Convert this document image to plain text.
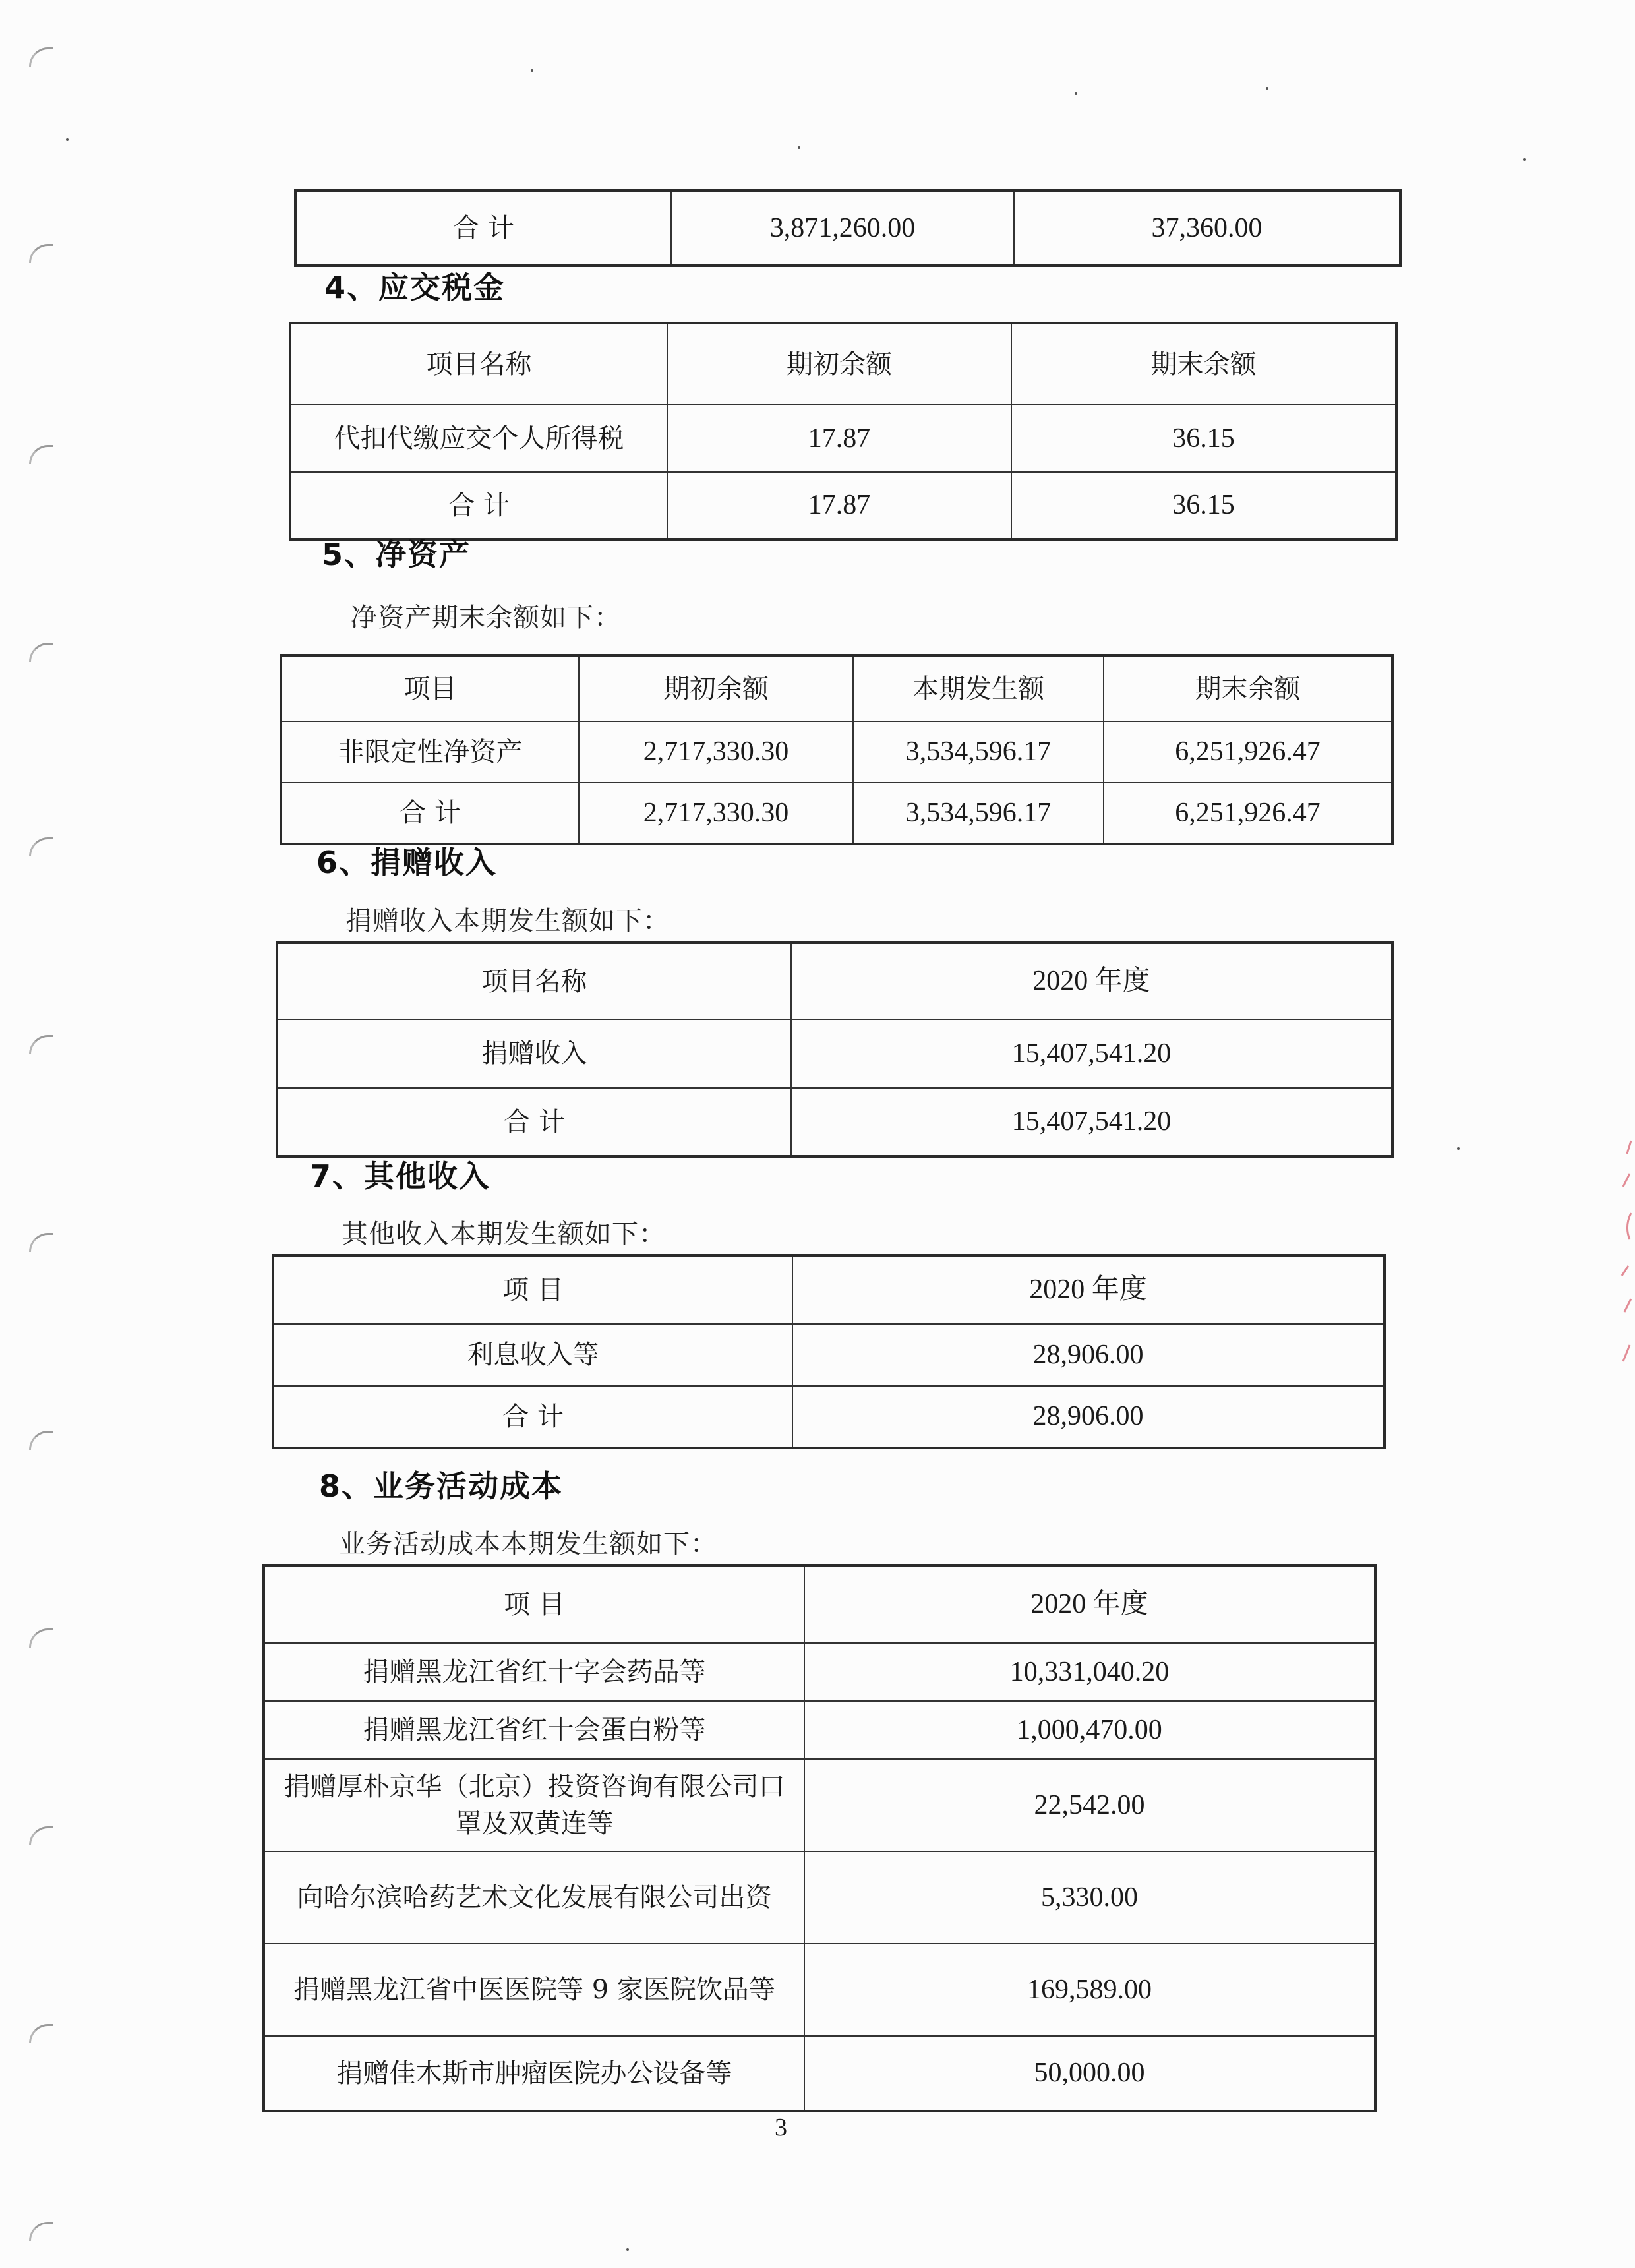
合 计	3,871,260.00	37,360.00
4、应交税金
项目名称	期初余额	期末余额
代扣代缴应交个人所得税	17.87	36.15
合 计	17.87	36.15
5、净资产
净资产期末余额如下：
项目	期初余额	本期发生额	期末余额
非限定性净资产	2,717,330.30	3,534,596.17	6,251,926.47
合 计	2,717,330.30	3,534,596.17	6,251,926.47
6、捐赠收入
捐赠收入本期发生额如下：
项目名称	2020 年度
捐赠收入	15,407,541.20
合 计	15,407,541.20
7、其他收入
其他收入本期发生额如下：
项 目	2020 年度
利息收入等	28,906.00
合 计	28,906.00
8、业务活动成本
业务活动成本本期发生额如下：
项 目	2020 年度
捐赠黑龙江省红十字会药品等	10,331,040.20
捐赠黑龙江省红十会蛋白粉等	1,000,470.00
捐赠厚朴京华（北京）投资咨询有限公司口罩及双黄连等	22,542.00
向哈尔滨哈药艺术文化发展有限公司出资	5,330.00
捐赠黑龙江省中医医院等 9 家医院饮品等	169,589.00
捐赠佳木斯市肿瘤医院办公设备等	50,000.00
3
